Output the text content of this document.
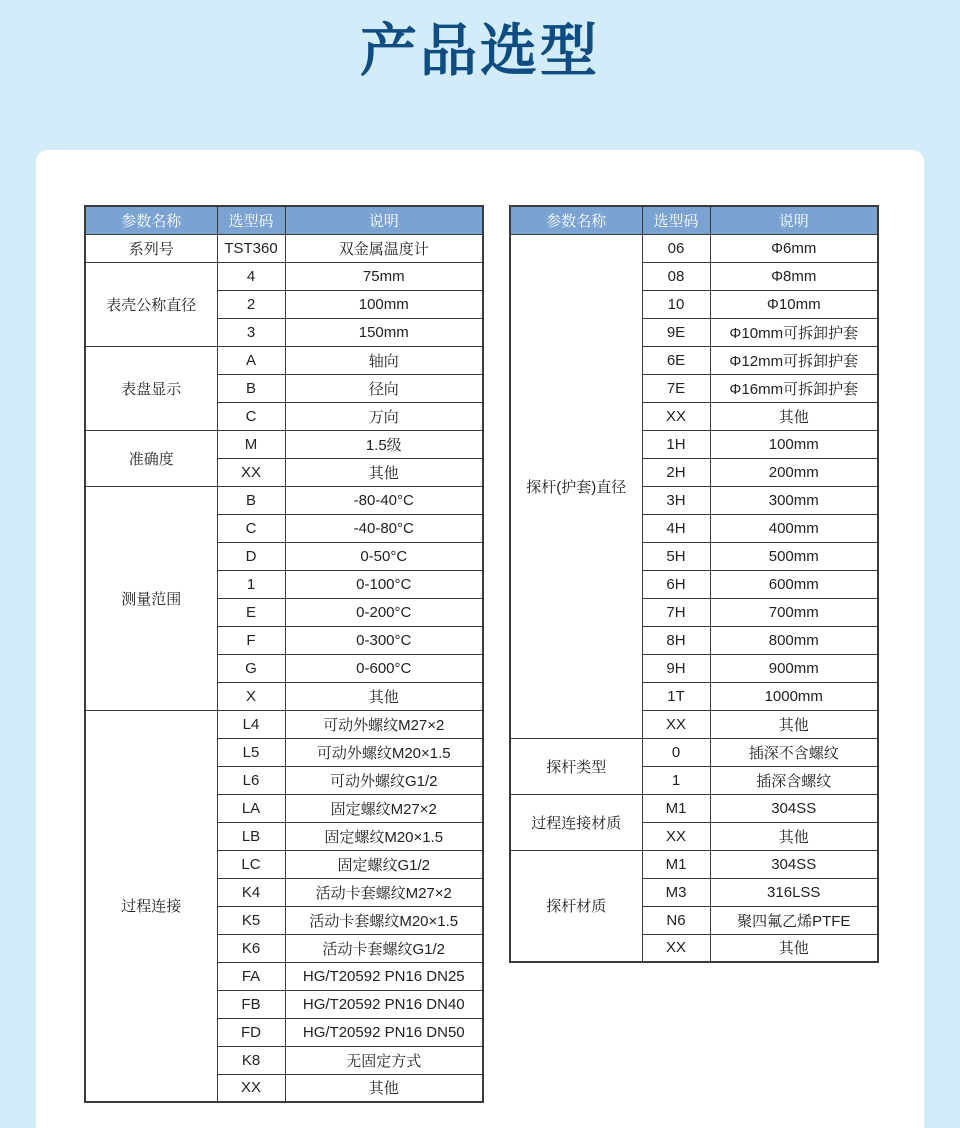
产品选型
参数名称	选型码	说明
系列号	TST360	双金属温度计
表壳公称直径	4	75mm
	2	100mm
	3	150mm
表盘显示	A	轴向
	B	径向
	C	万向
准确度	M	1.5级
	XX	其他
测量范围	B	-80-40°C
	C	-40-80°C
	D	0-50°C
	1	0-100°C
	E	0-200°C
	F	0-300°C
	G	0-600°C
	X	其他
过程连接	L4	可动外螺纹M27×2
	L5	可动外螺纹M20×1.5
	L6	可动外螺纹G1/2
	LA	固定螺纹M27×2
	LB	固定螺纹M20×1.5
	LC	固定螺纹G1/2
	K4	活动卡套螺纹M27×2
	K5	活动卡套螺纹M20×1.5
	K6	活动卡套螺纹G1/2
	FA	HG/T20592 PN16 DN25
	FB	HG/T20592 PN16 DN40
	FD	HG/T20592 PN16 DN50
	K8	无固定方式
	XX	其他
参数名称	选型码	说明
探杆(护套)直径	06	Φ6mm
	08	Φ8mm
	10	Φ10mm
	9E	Φ10mm可拆卸护套
	6E	Φ12mm可拆卸护套
	7E	Φ16mm可拆卸护套
	XX	其他
	1H	100mm
	2H	200mm
	3H	300mm
	4H	400mm
	5H	500mm
	6H	600mm
	7H	700mm
	8H	800mm
	9H	900mm
	1T	1000mm
	XX	其他
探杆类型	0	插深不含螺纹
	1	插深含螺纹
过程连接材质	M1	304SS
	XX	其他
探杆材质	M1	304SS
	M3	316LSS
	N6	聚四氟乙烯PTFE
	XX	其他
